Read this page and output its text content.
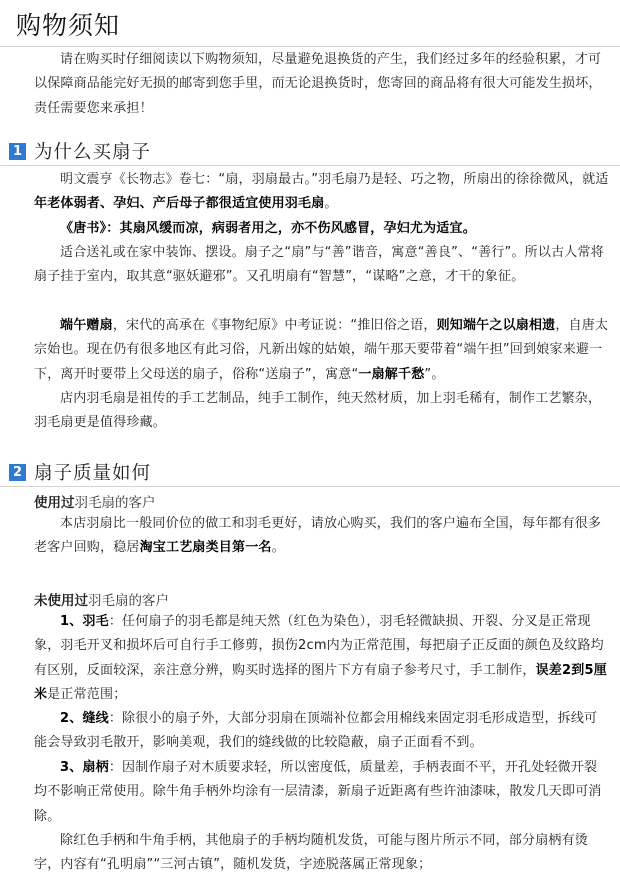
购物须知

请在购买时仔细阅读以下购物须知，尽量避免退换货的产生，我们经过多年的经验积累，才可以保障商品能完好无损的邮寄到您手里，而无论退换货时，您寄回的商品将有很大可能发生损坏，责任需要您来承担！

1 为什么买扇子

明文震亨《长物志》卷七：“扇，羽扇最古。”羽毛扇乃是轻、巧之物，所扇出的徐徐微风，就适年老体弱者、孕妇、产后母子都很适宜使用羽毛扇。

《唐书》：其扇风缓而凉，病弱者用之，亦不伤风感冒，孕妇尤为适宜。

适合送礼或在家中装饰、摆设。扇子之“扇”与“善”谐音，寓意“善良”、“善行”。所以古人常将扇子挂于室内，取其意“驱妖避邪”。又孔明扇有“智慧”，“谋略”之意，才干的象征。

端午赠扇，宋代的高承在《事物纪原》中考证说：“推旧俗之语，则知端午之以扇相遗，自唐太宗始也。现在仍有很多地区有此习俗，凡新出嫁的姑娘，端午那天要带着“端午担”回到娘家来避一下，离开时要带上父母送的扇子，俗称“送扇子”，寓意“一扇解千愁”。

店内羽毛扇是祖传的手工艺制品，纯手工制作，纯天然材质，加上羽毛稀有，制作工艺繁杂，羽毛扇更是值得珍藏。

2 扇子质量如何
使用过羽毛扇的客户

本店羽扇比一般同价位的做工和羽毛更好，请放心购买，我们的客户遍布全国，每年都有很多老客户回购，稳居淘宝工艺扇类目第一名。

未使用过羽毛扇的客户

1、羽毛：任何扇子的羽毛都是纯天然（红色为染色），羽毛轻微缺损、开裂、分叉是正常现象，羽毛开叉和损坏后可自行手工修剪，损伤2cm内为正常范围，每把扇子正反面的颜色及纹路均有区别，反面较深，亲注意分辨，购买时选择的图片下方有扇子参考尺寸，手工制作，误差2到5厘米是正常范围；

2、缝线：除很小的扇子外，大部分羽扇在顶端补位都会用棉线来固定羽毛形成造型，拆线可能会导致羽毛散开，影响美观，我们的缝线做的比较隐蔽，扇子正面看不到。

3、扇柄：因制作扇子对木质要求轻，所以密度低，质量差，手柄表面不平，开孔处轻微开裂均不影响正常使用。除牛角手柄外均涂有一层清漆，新扇子近距离有些许油漆味，散发几天即可消除。

除红色手柄和牛角手柄，其他扇子的手柄均随机发货，可能与图片所示不同，部分扇柄有烫字，内容有“孔明扇”“三河古镇”，随机发货，字迹脱落属正常现象；
